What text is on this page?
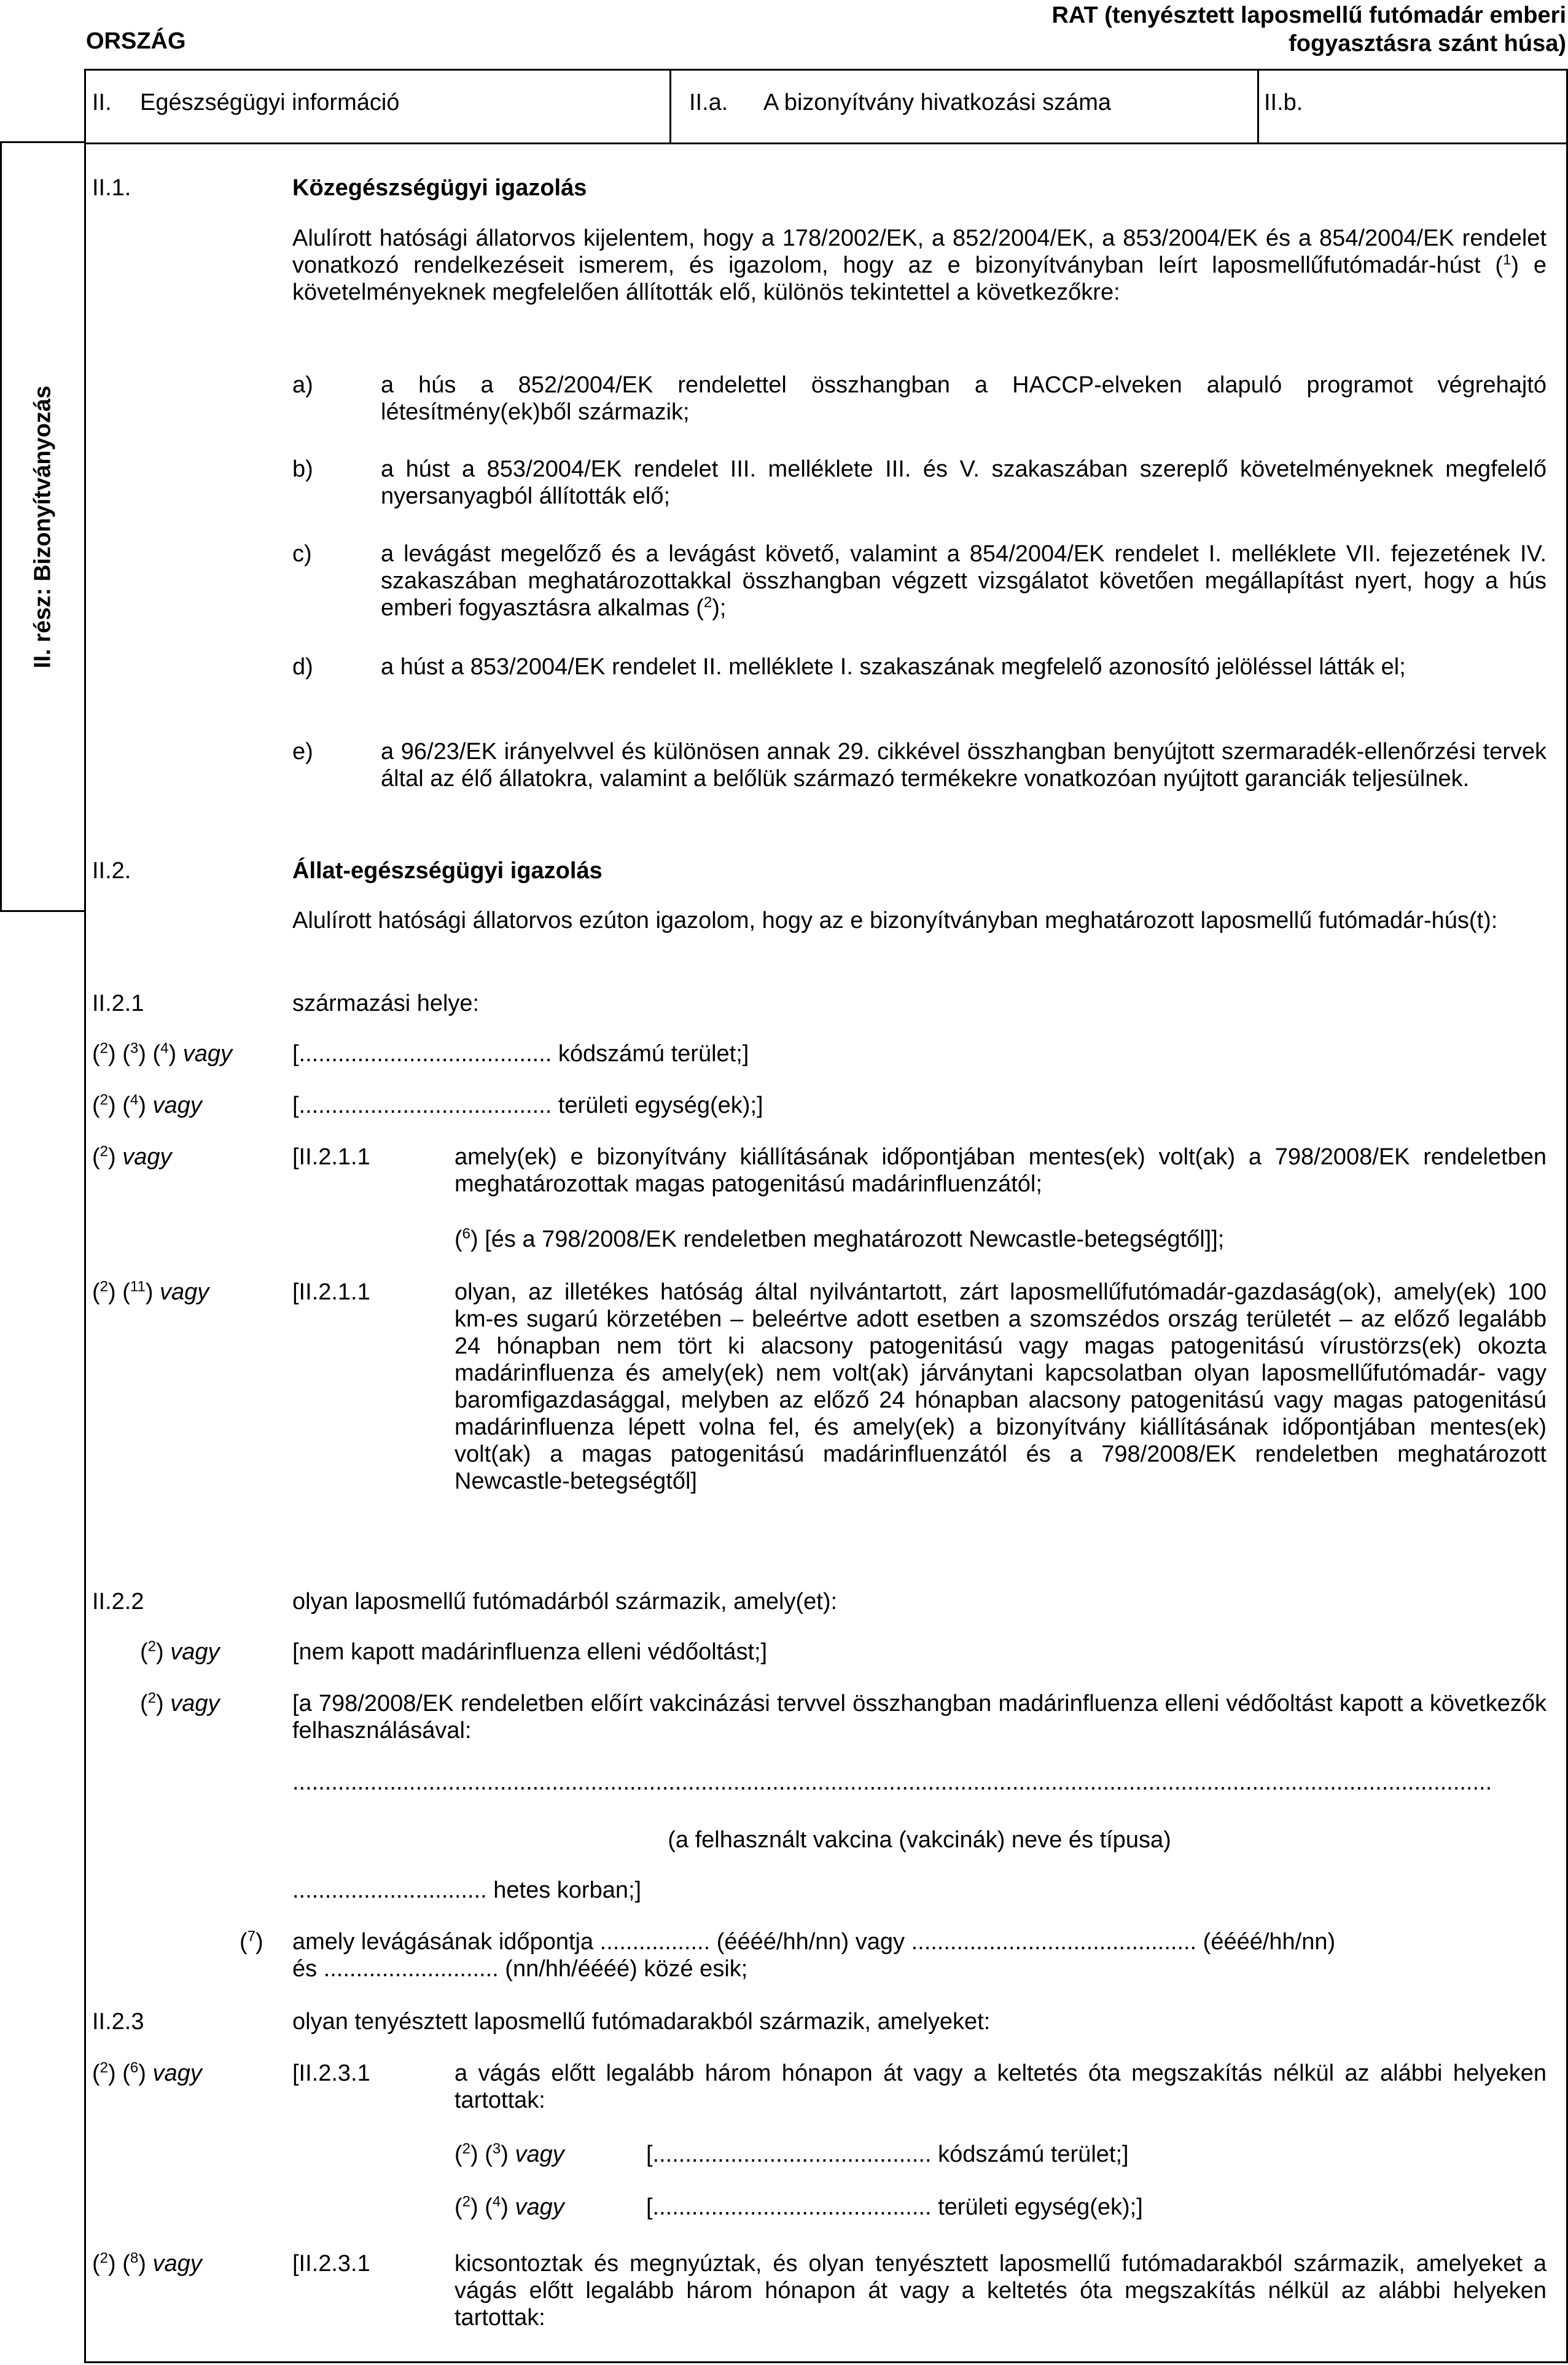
ORSZÁG
RAT (tenyésztett laposmellű futómadár emberi
fogyasztásra szánt húsa)
II. rész: Bizonyítványozás
II. Egészségügyi információ	II.a. A bizonyítvány hivatkozási száma	II.b.
II.1.	Közegészségügyi igazolás
Alulírott hatósági állatorvos kijelentem, hogy a 178/2002/EK, a 852/2004/EK, a 853/2004/EK és a 854/2004/EK rendelet vonatkozó rendelkezéseit ismerem, és igazolom, hogy az e bizonyítványban leírt laposmellűfutómadár-húst ($^1$) e követelményeknek megfelelően állították elő, különös tekintettel a következőkre:
a)	a hús a 852/2004/EK rendelettel összhangban a HACCP-elveken alapuló programot végrehajtó létesítmény(ek)ből származik;
b)	a húst a 853/2004/EK rendelet III. melléklete III. és V. szakaszában szereplő követelményeknek megfelelő nyersanyagból állították elő;
c)	a levágást megelőző és a levágást követő, valamint a 854/2004/EK rendelet I. melléklete VII. fejezetének IV. szakaszában meghatározottakkal összhangban végzett vizsgálatot követően megállapítást nyert, hogy a hús emberi fogyasztásra alkalmas ($^2$);
d)	a húst a 853/2004/EK rendelet II. melléklete I. szakaszának megfelelő azonosító jelöléssel látták el;
e)	a 96/23/EK irányelvvel és különösen annak 29. cikkével összhangban benyújtott szermaradék-ellenőrzési tervek által az élő állatokra, valamint a belőlük származó termékekre vonatkozóan nyújtott garanciák teljesülnek.
II.2.	Állat-egészségügyi igazolás
Alulírott hatósági állatorvos ezúton igazolom, hogy az e bizonyítványban meghatározott laposmellű futómadár-hús(t):
II.2.1	származási helye:
($^2$) ($^3$) ($^4$) vagy	[....................................... kódszámú terület;]
($^2$) ($^4$) vagy	[....................................... területi egység(ek);]
($^2$) vagy	[II.2.1.1	amely(ek) e bizonyítvány kiállításának időpontjában mentes(ek) volt(ak) a 798/2008/EK rendeletben meghatározottak magas patogenitású madárinfluenzától;
($^6$) [és a 798/2008/EK rendeletben meghatározott Newcastle-betegségtől]];
($^2$) ($^{11}$) vagy	[II.2.1.1	olyan, az illetékes hatóság által nyilvántartott, zárt laposmellűfutómadár-gazdaság(ok), amely(ek) 100 km-es sugarú körzetében – beleértve adott esetben a szomszédos ország területét – az előző legalább 24 hónapban nem tört ki alacsony patogenitású vagy magas patogenitású vírustörzs(ek) okozta madárinfluenza és amely(ek) nem volt(ak) járványtani kapcsolatban olyan laposmellűfutómadár- vagy baromfigazdasággal, melyben az előző 24 hónapban alacsony patogenitású vagy magas patogenitású madárinfluenza lépett volna fel, és amely(ek) a bizonyítvány kiállításának időpontjában mentes(ek) volt(ak) a magas patogenitású madárinfluenzától és a 798/2008/EK rendeletben meghatározott Newcastle-betegségtől]
II.2.2	olyan laposmellű futómadárból származik, amely(et):
($^2$) vagy	[nem kapott madárinfluenza elleni védőoltást;]
($^2$) vagy	[a 798/2008/EK rendeletben előírt vakcinázási tervvel összhangban madárinfluenza elleni védőoltást kapott a következők felhasználásával:
.........................................................................................................................................................................................
(a felhasznált vakcina (vakcinák) neve és típusa)
.............................. hetes korban;]
($^7$) amely levágásának időpontja ................. (éééé/hh/nn) vagy ............................................ (éééé/hh/nn)
és ........................... (nn/hh/éééé) közé esik;
II.2.3	olyan tenyésztett laposmellű futómadarakból származik, amelyeket:
($^2$) ($^6$) vagy	[II.2.3.1	a vágás előtt legalább három hónapon át vagy a keltetés óta megszakítás nélkül az alábbi helyeken tartottak:
($^2$) ($^3$) vagy	[........................................... kódszámú terület;]
($^2$) ($^4$) vagy	[........................................... területi egység(ek);]
($^2$) ($^8$) vagy	[II.2.3.1	kicsontoztak és megnyúztak, és olyan tenyésztett laposmellű futómadarakból származik, amelyeket a vágás előtt legalább három hónapon át vagy a keltetés óta megszakítás nélkül az alábbi helyeken tartottak:
